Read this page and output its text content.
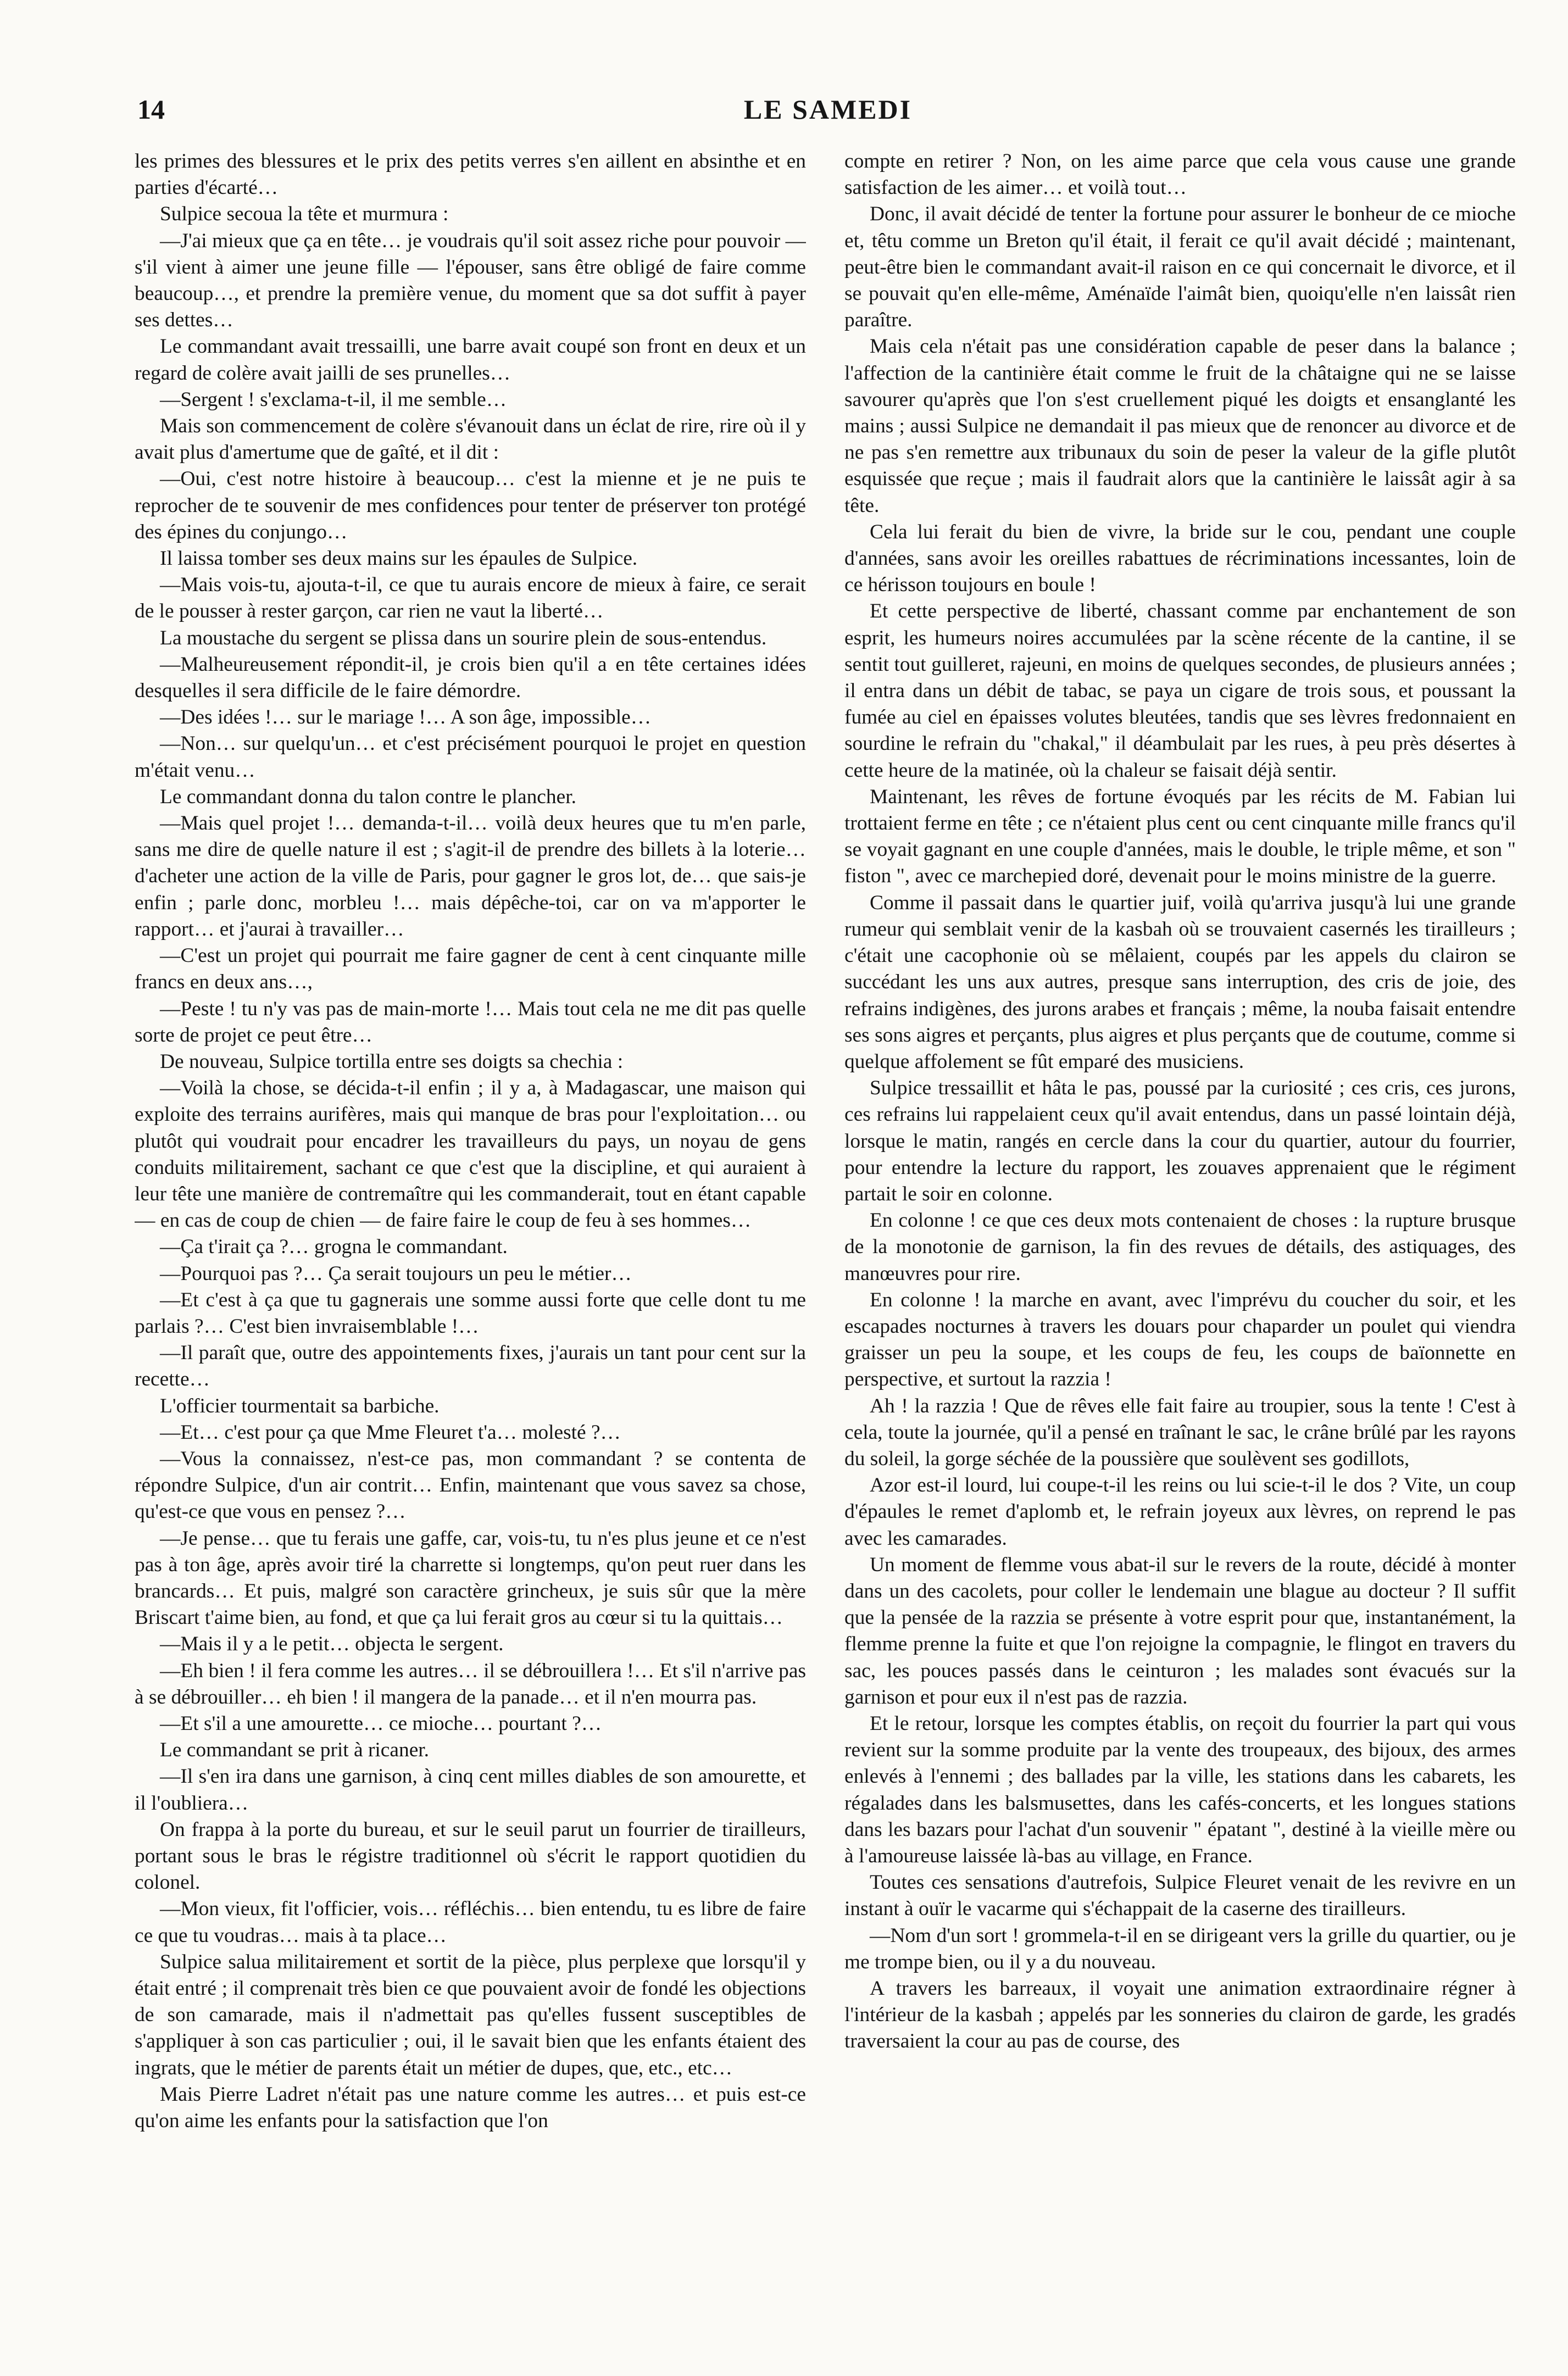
14	LE SAMEDI

les primes des blessures et le prix des petits verres s'en aillent en absinthe et en parties d'écarté…

Sulpice secoua la tête et murmura :

—J'ai mieux que ça en tête… je voudrais qu'il soit assez riche pour pouvoir — s'il vient à aimer une jeune fille — l'épouser, sans être obligé de faire comme beaucoup…, et prendre la première venue, du moment que sa dot suffit à payer ses dettes…

Le commandant avait tressailli, une barre avait coupé son front en deux et un regard de colère avait jailli de ses prunelles…

—Sergent ! s'exclama-t-il, il me semble…

Mais son commencement de colère s'évanouit dans un éclat de rire, rire où il y avait plus d'amertume que de gaîté, et il dit :

—Oui, c'est notre histoire à beaucoup… c'est la mienne et je ne puis te reprocher de te souvenir de mes confidences pour tenter de préserver ton protégé des épines du conjungo…

Il laissa tomber ses deux mains sur les épaules de Sulpice.

—Mais vois-tu, ajouta-t-il, ce que tu aurais encore de mieux à faire, ce serait de le pousser à rester garçon, car rien ne vaut la liberté…

La moustache du sergent se plissa dans un sourire plein de sous-entendus.

—Malheureusement répondit-il, je crois bien qu'il a en tête certaines idées desquelles il sera difficile de le faire démordre.

—Des idées !… sur le mariage !… A son âge, impossible…

—Non… sur quelqu'un… et c'est précisément pourquoi le projet en question m'était venu…

Le commandant donna du talon contre le plancher.

—Mais quel projet !… demanda-t-il… voilà deux heures que tu m'en parle, sans me dire de quelle nature il est ; s'agit-il de prendre des billets à la loterie… d'acheter une action de la ville de Paris, pour gagner le gros lot, de… que sais-je enfin ; parle donc, morbleu !… mais dépêche-toi, car on va m'apporter le rapport… et j'aurai à travailler…

—C'est un projet qui pourrait me faire gagner de cent à cent cinquante mille francs en deux ans…,

—Peste ! tu n'y vas pas de main-morte !… Mais tout cela ne me dit pas quelle sorte de projet ce peut être…

De nouveau, Sulpice tortilla entre ses doigts sa chechia :

—Voilà la chose, se décida-t-il enfin ; il y a, à Madagascar, une maison qui exploite des terrains aurifères, mais qui manque de bras pour l'exploitation… ou plutôt qui voudrait pour encadrer les travailleurs du pays, un noyau de gens conduits militairement, sachant ce que c'est que la discipline, et qui auraient à leur tête une manière de contremaître qui les commanderait, tout en étant capable — en cas de coup de chien — de faire faire le coup de feu à ses hommes…

—Ça t'irait ça ?… grogna le commandant.

—Pourquoi pas ?… Ça serait toujours un peu le métier…

—Et c'est à ça que tu gagnerais une somme aussi forte que celle dont tu me parlais ?… C'est bien invraisemblable !…

—Il paraît que, outre des appointements fixes, j'aurais un tant pour cent sur la recette…

L'officier tourmentait sa barbiche.

—Et… c'est pour ça que Mme Fleuret t'a… molesté ?…

—Vous la connaissez, n'est-ce pas, mon commandant ? se contenta de répondre Sulpice, d'un air contrit… Enfin, maintenant que vous savez sa chose, qu'est-ce que vous en pensez ?…

—Je pense… que tu ferais une gaffe, car, vois-tu, tu n'es plus jeune et ce n'est pas à ton âge, après avoir tiré la charrette si longtemps, qu'on peut ruer dans les brancards… Et puis, malgré son caractère grincheux, je suis sûr que la mère Briscart t'aime bien, au fond, et que ça lui ferait gros au cœur si tu la quittais…

—Mais il y a le petit… objecta le sergent.

—Eh bien ! il fera comme les autres… il se débrouillera !… Et s'il n'arrive pas à se débrouiller… eh bien ! il mangera de la panade… et il n'en mourra pas.

—Et s'il a une amourette… ce mioche… pourtant ?…

Le commandant se prit à ricaner.

—Il s'en ira dans une garnison, à cinq cent milles diables de son amourette, et il l'oubliera…

On frappa à la porte du bureau, et sur le seuil parut un fourrier de tirailleurs, portant sous le bras le régistre traditionnel où s'écrit le rapport quotidien du colonel.

—Mon vieux, fit l'officier, vois… réfléchis… bien entendu, tu es libre de faire ce que tu voudras… mais à ta place…

Sulpice salua militairement et sortit de la pièce, plus perplexe que lorsqu'il y était entré ; il comprenait très bien ce que pouvaient avoir de fondé les objections de son camarade, mais il n'admettait pas qu'elles fussent susceptibles de s'appliquer à son cas particulier ; oui, il le savait bien que les enfants étaient des ingrats, que le métier de parents était un métier de dupes, que, etc., etc…

Mais Pierre Ladret n'était pas une nature comme les autres… et puis est-ce qu'on aime les enfants pour la satisfaction que l'on

compte en retirer ? Non, on les aime parce que cela vous cause une grande satisfaction de les aimer… et voilà tout…

Donc, il avait décidé de tenter la fortune pour assurer le bonheur de ce mioche et, têtu comme un Breton qu'il était, il ferait ce qu'il avait décidé ; maintenant, peut-être bien le commandant avait-il raison en ce qui concernait le divorce, et il se pouvait qu'en elle-même, Aménaïde l'aimât bien, quoiqu'elle n'en laissât rien paraître.

Mais cela n'était pas une considération capable de peser dans la balance ; l'affection de la cantinière était comme le fruit de la châtaigne qui ne se laisse savourer qu'après que l'on s'est cruellement piqué les doigts et ensanglanté les mains ; aussi Sulpice ne demandait il pas mieux que de renoncer au divorce et de ne pas s'en remettre aux tribunaux du soin de peser la valeur de la gifle plutôt esquissée que reçue ; mais il faudrait alors que la cantinière le laissât agir à sa tête.

Cela lui ferait du bien de vivre, la bride sur le cou, pendant une couple d'années, sans avoir les oreilles rabattues de récriminations incessantes, loin de ce hérisson toujours en boule !

Et cette perspective de liberté, chassant comme par enchantement de son esprit, les humeurs noires accumulées par la scène récente de la cantine, il se sentit tout guilleret, rajeuni, en moins de quelques secondes, de plusieurs années ; il entra dans un débit de tabac, se paya un cigare de trois sous, et poussant la fumée au ciel en épaisses volutes bleutées, tandis que ses lèvres fredonnaient en sourdine le refrain du "chakal," il déambulait par les rues, à peu près désertes à cette heure de la matinée, où la chaleur se faisait déjà sentir.

Maintenant, les rêves de fortune évoqués par les récits de M. Fabian lui trottaient ferme en tête ; ce n'étaient plus cent ou cent cinquante mille francs qu'il se voyait gagnant en une couple d'années, mais le double, le triple même, et son " fiston ", avec ce marchepied doré, devenait pour le moins ministre de la guerre.

Comme il passait dans le quartier juif, voilà qu'arriva jusqu'à lui une grande rumeur qui semblait venir de la kasbah où se trouvaient casernés les tirailleurs ; c'était une cacophonie où se mêlaient, coupés par les appels du clairon se succédant les uns aux autres, presque sans interruption, des cris de joie, des refrains indigènes, des jurons arabes et français ; même, la nouba faisait entendre ses sons aigres et perçants, plus aigres et plus perçants que de coutume, comme si quelque affolement se fût emparé des musiciens.

Sulpice tressaillit et hâta le pas, poussé par la curiosité ; ces cris, ces jurons, ces refrains lui rappelaient ceux qu'il avait entendus, dans un passé lointain déjà, lorsque le matin, rangés en cercle dans la cour du quartier, autour du fourrier, pour entendre la lecture du rapport, les zouaves apprenaient que le régiment partait le soir en colonne.

En colonne ! ce que ces deux mots contenaient de choses : la rupture brusque de la monotonie de garnison, la fin des revues de détails, des astiquages, des manœuvres pour rire.

En colonne ! la marche en avant, avec l'imprévu du coucher du soir, et les escapades nocturnes à travers les douars pour chaparder un poulet qui viendra graisser un peu la soupe, et les coups de feu, les coups de baïonnette en perspective, et surtout la razzia !

Ah ! la razzia ! Que de rêves elle fait faire au troupier, sous la tente ! C'est à cela, toute la journée, qu'il a pensé en traînant le sac, le crâne brûlé par les rayons du soleil, la gorge séchée de la poussière que soulèvent ses godillots,

Azor est-il lourd, lui coupe-t-il les reins ou lui scie-t-il le dos ? Vite, un coup d'épaules le remet d'aplomb et, le refrain joyeux aux lèvres, on reprend le pas avec les camarades.

Un moment de flemme vous abat-il sur le revers de la route, décidé à monter dans un des cacolets, pour coller le lendemain une blague au docteur ? Il suffit que la pensée de la razzia se présente à votre esprit pour que, instantanément, la flemme prenne la fuite et que l'on rejoigne la compagnie, le flingot en travers du sac, les pouces passés dans le ceinturon ; les malades sont évacués sur la garnison et pour eux il n'est pas de razzia.

Et le retour, lorsque les comptes établis, on reçoit du fourrier la part qui vous revient sur la somme produite par la vente des troupeaux, des bijoux, des armes enlevés à l'ennemi ; des ballades par la ville, les stations dans les cabarets, les régalades dans les balsmusettes, dans les cafés-concerts, et les longues stations dans les bazars pour l'achat d'un souvenir " épatant ", destiné à la vieille mère ou à l'amoureuse laissée là-bas au village, en France.

Toutes ces sensations d'autrefois, Sulpice Fleuret venait de les revivre en un instant à ouïr le vacarme qui s'échappait de la caserne des tirailleurs.

—Nom d'un sort ! grommela-t-il en se dirigeant vers la grille du quartier, ou je me trompe bien, ou il y a du nouveau.

A travers les barreaux, il voyait une animation extraordinaire régner à l'intérieur de la kasbah ; appelés par les sonneries du clairon de garde, les gradés traversaient la cour au pas de course, des
